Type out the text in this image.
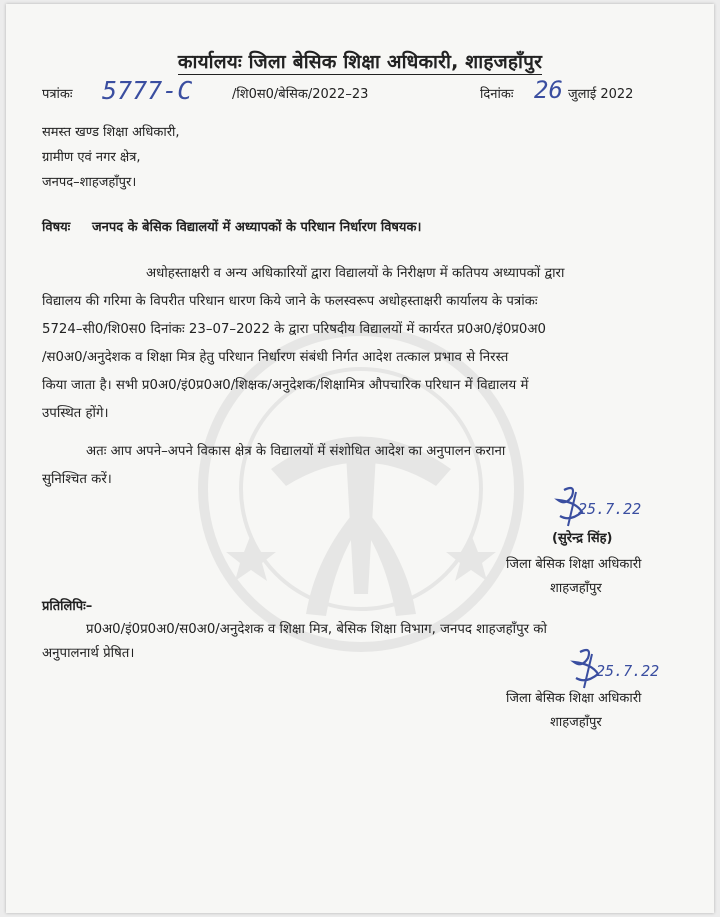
कार्यालयः जिला बेसिक शिक्षा अधिकारी, शाहजहाँपुर
पत्रांकः 5777-C	/शि0स0/बेसिक/2022–23	दिनांकः 26 जुलाई 2022
समस्त खण्ड शिक्षा अधिकारी,
ग्रामीण एवं नगर क्षेत्र,
जनपद–शाहजहाँपुर।
विषयः जनपद के बेसिक विद्यालयों में अध्यापकों के परिधान निर्धारण विषयक।
अधोहस्ताक्षरी व अन्य अधिकारियों द्वारा विद्यालयों के निरीक्षण में कतिपय अध्यापकों द्वारा
विद्यालय की गरिमा के विपरीत परिधान धारण किये जाने के फलस्वरूप अधोहस्ताक्षरी कार्यालय के पत्रांकः
5724–सी0/शि0स0 दिनांकः 23–07–2022 के द्वारा परिषदीय विद्यालयों में कार्यरत प्र0अ0/इं0प्र0अ0
/स0अ0/अनुदेशक व शिक्षा मित्र हेतु परिधान निर्धारण संबंधी निर्गत आदेश तत्काल प्रभाव से निरस्त
किया जाता है। सभी प्र0अ0/इं0प्र0अ0/शिक्षक/अनुदेशक/शिक्षामित्र औपचारिक परिधान में विद्यालय में
उपस्थित होंगे।
अतः आप अपने–अपने विकास क्षेत्र के विद्यालयों में संशोधित आदेश का अनुपालन कराना
सुनिश्चित करें।
25.7.22
(सुरेन्द्र सिंह)
जिला बेसिक शिक्षा अधिकारी
शाहजहाँपुर
प्रतिलिपिः–
प्र0अ0/इं0प्र0अ0/स0अ0/अनुदेशक व शिक्षा मित्र, बेसिक शिक्षा विभाग, जनपद शाहजहाँपुर को
अनुपालनार्थ प्रेषित।
25.7.22
जिला बेसिक शिक्षा अधिकारी
शाहजहाँपुर
